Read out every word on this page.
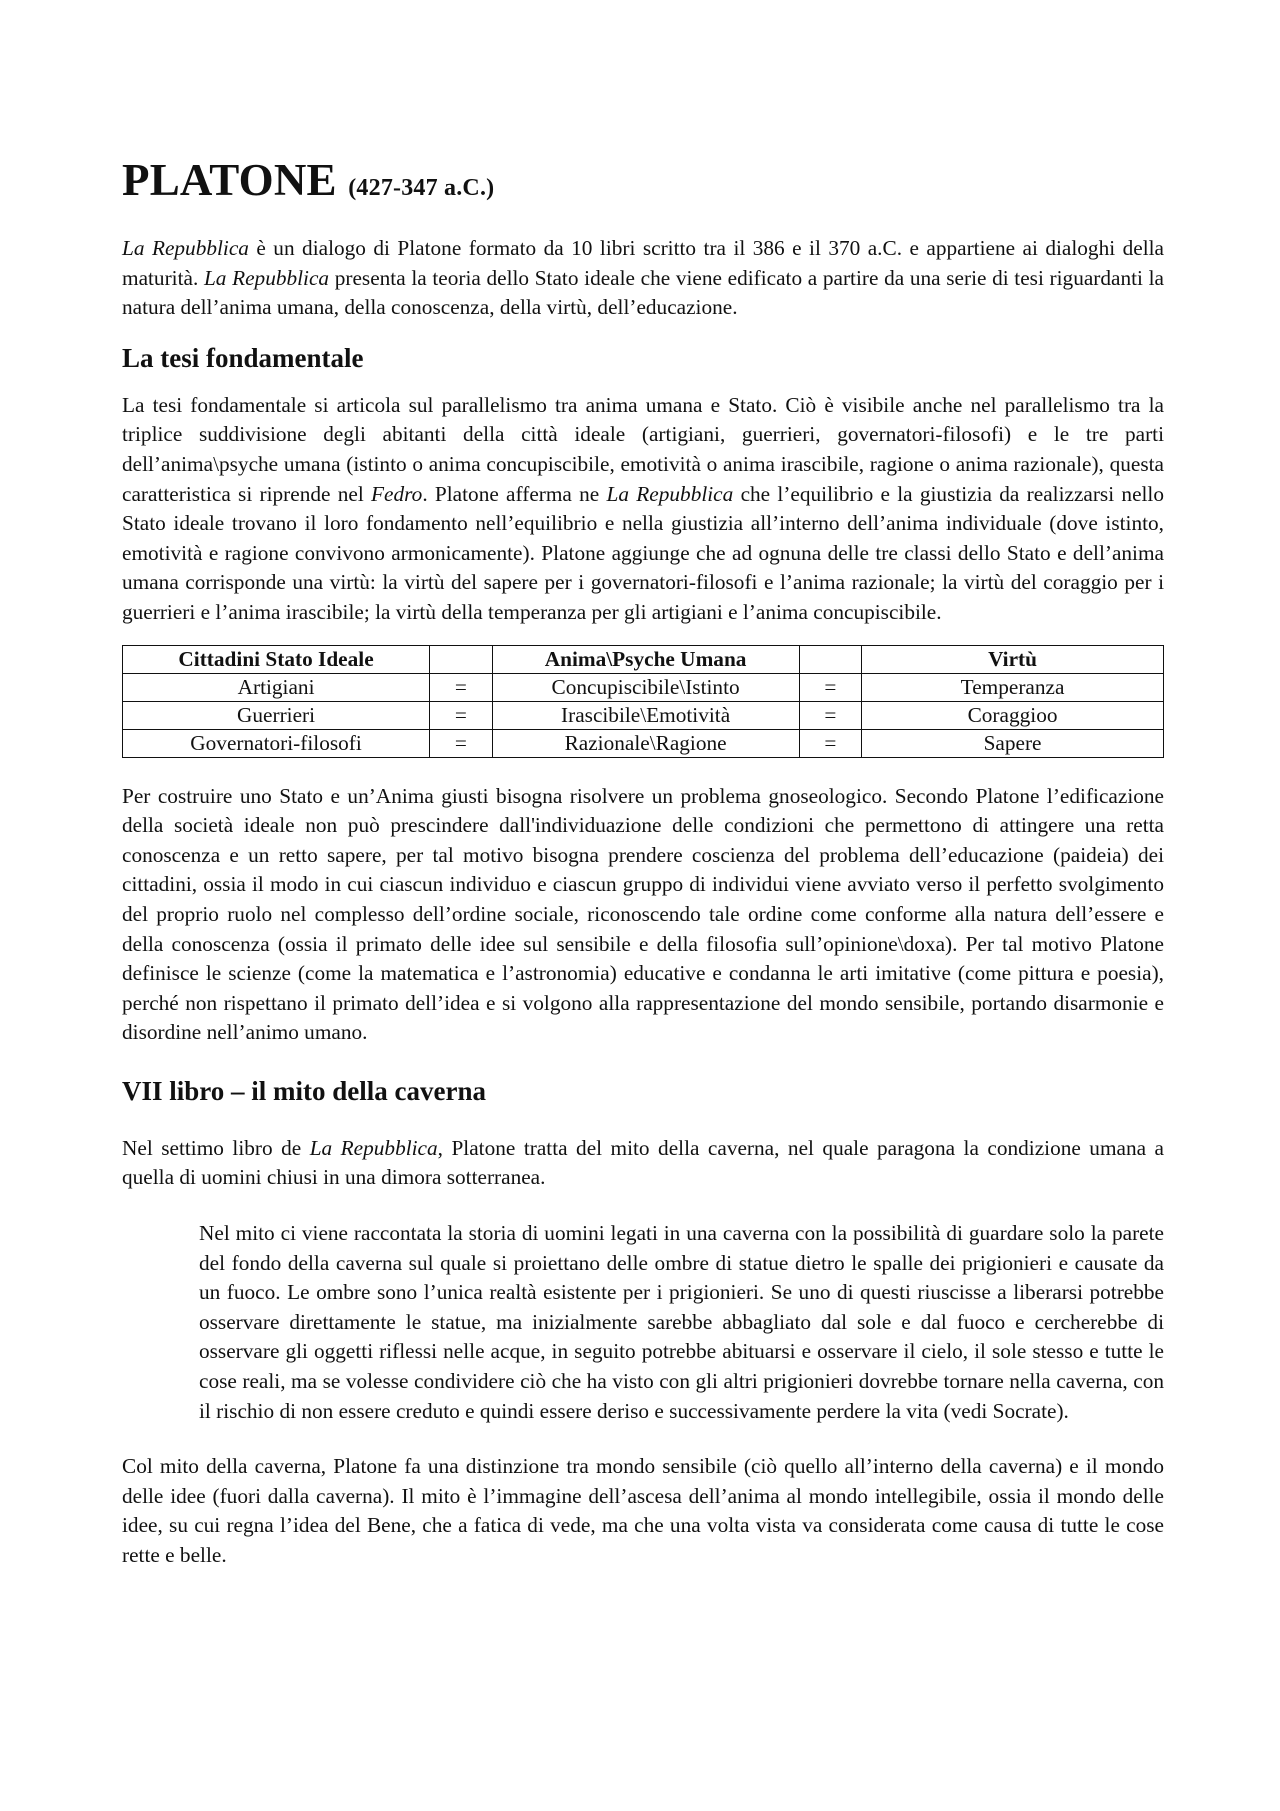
PLATONE (427-347 a.C.)

La Repubblica è un dialogo di Platone formato da 10 libri scritto tra il 386 e il 370 a.C. e appartiene ai dialoghi della maturità. La Repubblica presenta la teoria dello Stato ideale che viene edificato a partire da una serie di tesi riguardanti la natura dell’anima umana, della conoscenza, della virtù, dell’educazione.

La tesi fondamentale

La tesi fondamentale si articola sul parallelismo tra anima umana e Stato. Ciò è visibile anche nel parallelismo tra la triplice suddivisione degli abitanti della città ideale (artigiani, guerrieri, governatori-filosofi) e le tre parti dell’anima\psyche umana (istinto o anima concupiscibile, emotività o anima irascibile, ragione o anima razionale), questa caratteristica si riprende nel Fedro. Platone afferma ne La Repubblica che l’equilibrio e la giustizia da realizzarsi nello Stato ideale trovano il loro fondamento nell’equilibrio e nella giustizia all’interno dell’anima individuale (dove istinto, emotività e ragione convivono armonicamente). Platone aggiunge che ad ognuna delle tre classi dello Stato e dell’anima umana corrisponde una virtù: la virtù del sapere per i governatori-filosofi e l’anima razionale; la virtù del coraggio per i guerrieri e l’anima irascibile; la virtù della temperanza per gli artigiani e l’anima concupiscibile.

Cittadini Stato Ideale		Anima\Psyche Umana		Virtù
Artigiani	=	Concupiscibile\Istinto	=	Temperanza
Guerrieri	=	Irascibile\Emotività	=	Coraggioo
Governatori-filosofi	=	Razionale\Ragione	=	Sapere

Per costruire uno Stato e un’Anima giusti bisogna risolvere un problema gnoseologico. Secondo Platone l’edificazione della società ideale non può prescindere dall'individuazione delle condizioni che permettono di attingere una retta conoscenza e un retto sapere, per tal motivo bisogna prendere coscienza del problema dell’educazione (paideia) dei cittadini, ossia il modo in cui ciascun individuo e ciascun gruppo di individui viene avviato verso il perfetto svolgimento del proprio ruolo nel complesso dell’ordine sociale, riconoscendo tale ordine come conforme alla natura dell’essere e della conoscenza (ossia il primato delle idee sul sensibile e della filosofia sull’opinione\doxa). Per tal motivo Platone definisce le scienze (come la matematica e l’astronomia) educative e condanna le arti imitative (come pittura e poesia), perché non rispettano il primato dell’idea e si volgono alla rappresentazione del mondo sensibile, portando disarmonie e disordine nell’animo umano.

VII libro – il mito della caverna

Nel settimo libro de La Repubblica, Platone tratta del mito della caverna, nel quale paragona la condizione umana a quella di uomini chiusi in una dimora sotterranea.

Nel mito ci viene raccontata la storia di uomini legati in una caverna con la possibilità di guardare solo la parete del fondo della caverna sul quale si proiettano delle ombre di statue dietro le spalle dei prigionieri e causate da un fuoco. Le ombre sono l’unica realtà esistente per i prigionieri. Se uno di questi riuscisse a liberarsi potrebbe osservare direttamente le statue, ma inizialmente sarebbe abbagliato dal sole e dal fuoco e cercherebbe di osservare gli oggetti riflessi nelle acque, in seguito potrebbe abituarsi e osservare il cielo, il sole stesso e tutte le cose reali, ma se volesse condividere ciò che ha visto con gli altri prigionieri dovrebbe tornare nella caverna, con il rischio di non essere creduto e quindi essere deriso e successivamente perdere la vita (vedi Socrate).

Col mito della caverna, Platone fa una distinzione tra mondo sensibile (ciò quello all’interno della caverna) e il mondo delle idee (fuori dalla caverna). Il mito è l’immagine dell’ascesa dell’anima al mondo intellegibile, ossia il mondo delle idee, su cui regna l’idea del Bene, che a fatica di vede, ma che una volta vista va considerata come causa di tutte le cose rette e belle.
